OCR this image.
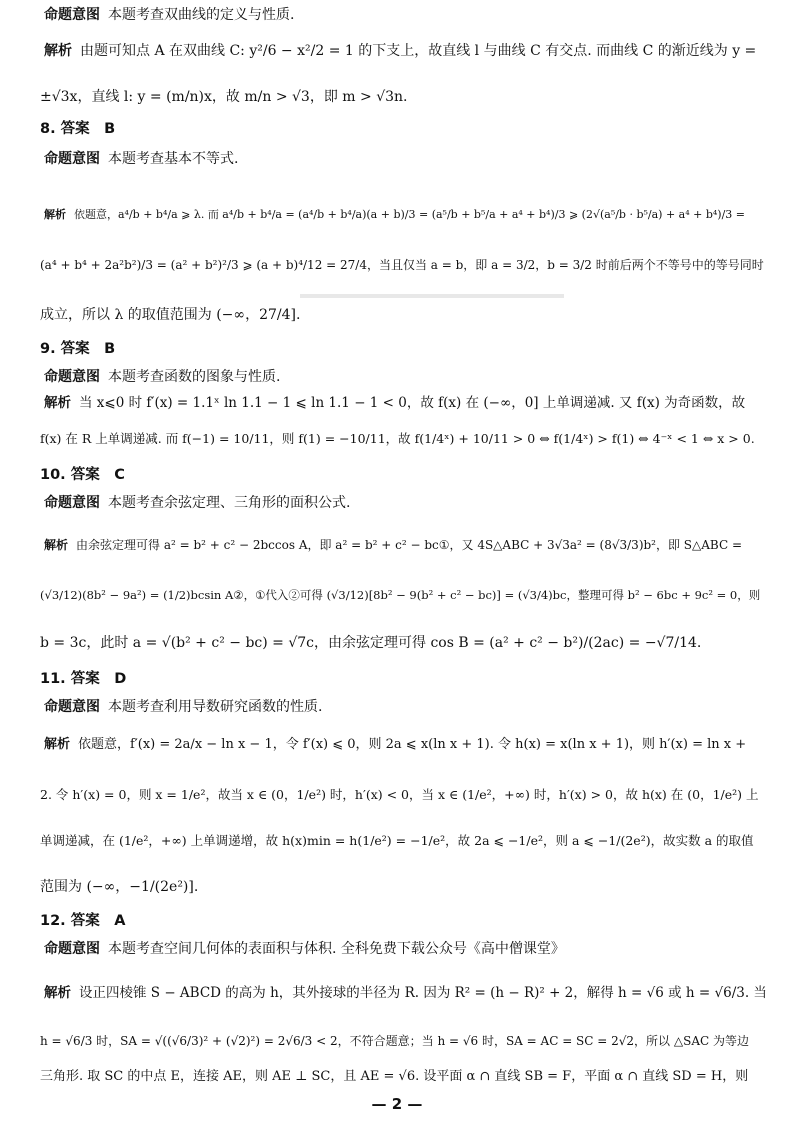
命题意图 本题考查双曲线的定义与性质.
解析 由题可知点 A 在双曲线 C: y²/6 − x²/2 = 1 的下支上，故直线 l 与曲线 C 有交点. 而曲线 C 的渐近线为 y =
±√3x，直线 l: y = (m/n)x，故 m/n > √3，即 m > √3n.
8. 答案　B
命题意图 本题考查基本不等式.
解析 依题意，a⁴/b + b⁴/a ⩾ λ. 而 a⁴/b + b⁴/a = (a⁴/b + b⁴/a)(a + b)/3 = (a⁵/b + b⁵/a + a⁴ + b⁴)/3 ⩾ (2√(a⁵/b · b⁵/a) + a⁴ + b⁴)/3 =
(a⁴ + b⁴ + 2a²b²)/3 = (a² + b²)²/3 ⩾ (a + b)⁴/12 = 27/4，当且仅当 a = b，即 a = 3/2，b = 3/2 时前后两个不等号中的等号同时
成立，所以 λ 的取值范围为 (−∞，27/4].
9. 答案　B
命题意图 本题考查函数的图象与性质.
解析 当 x⩽0 时 f′(x) = 1.1ˣ ln 1.1 − 1 ⩽ ln 1.1 − 1 < 0，故 f(x) 在 (−∞，0] 上单调递减. 又 f(x) 为奇函数，故
f(x) 在 R 上单调递减. 而 f(−1) = 10/11，则 f(1) = −10/11，故 f(1/4ˣ) + 10/11 > 0 ⇔ f(1/4ˣ) > f(1) ⇔ 4⁻ˣ < 1 ⇔ x > 0.
10. 答案　C
命题意图 本题考查余弦定理、三角形的面积公式.
解析 由余弦定理可得 a² = b² + c² − 2bccos A，即 a² = b² + c² − bc①，又 4S△ABC + 3√3a² = (8√3/3)b²，即 S△ABC =
(√3/12)(8b² − 9a²) = (1/2)bcsin A②，①代入②可得 (√3/12)[8b² − 9(b² + c² − bc)] = (√3/4)bc，整理可得 b² − 6bc + 9c² = 0，则
b = 3c，此时 a = √(b² + c² − bc) = √7c，由余弦定理可得 cos B = (a² + c² − b²)/(2ac) = −√7/14.
11. 答案　D
命题意图 本题考查利用导数研究函数的性质.
解析 依题意，f′(x) = 2a/x − ln x − 1，令 f′(x) ⩽ 0，则 2a ⩽ x(ln x + 1). 令 h(x) = x(ln x + 1)，则 h′(x) = ln x +
2. 令 h′(x) = 0，则 x = 1/e²，故当 x ∈ (0，1/e²) 时，h′(x) < 0，当 x ∈ (1/e²，+∞) 时，h′(x) > 0，故 h(x) 在 (0，1/e²) 上
单调递减，在 (1/e²，+∞) 上单调递增，故 h(x)min = h(1/e²) = −1/e²，故 2a ⩽ −1/e²，则 a ⩽ −1/(2e²)，故实数 a 的取值
范围为 (−∞，−1/(2e²)].
12. 答案　A
命题意图 本题考查空间几何体的表面积与体积. 全科免费下载公众号《高中僧课堂》
解析 设正四棱锥 S − ABCD 的高为 h，其外接球的半径为 R. 因为 R² = (h − R)² + 2，解得 h = √6 或 h = √6/3. 当
h = √6/3 时，SA = √((√6/3)² + (√2)²) = 2√6/3 < 2，不符合题意；当 h = √6 时，SA = AC = SC = 2√2，所以 △SAC 为等边
三角形. 取 SC 的中点 E，连接 AE，则 AE ⊥ SC，且 AE = √6. 设平面 α ∩ 直线 SB = F，平面 α ∩ 直线 SD = H，则
— 2 —
